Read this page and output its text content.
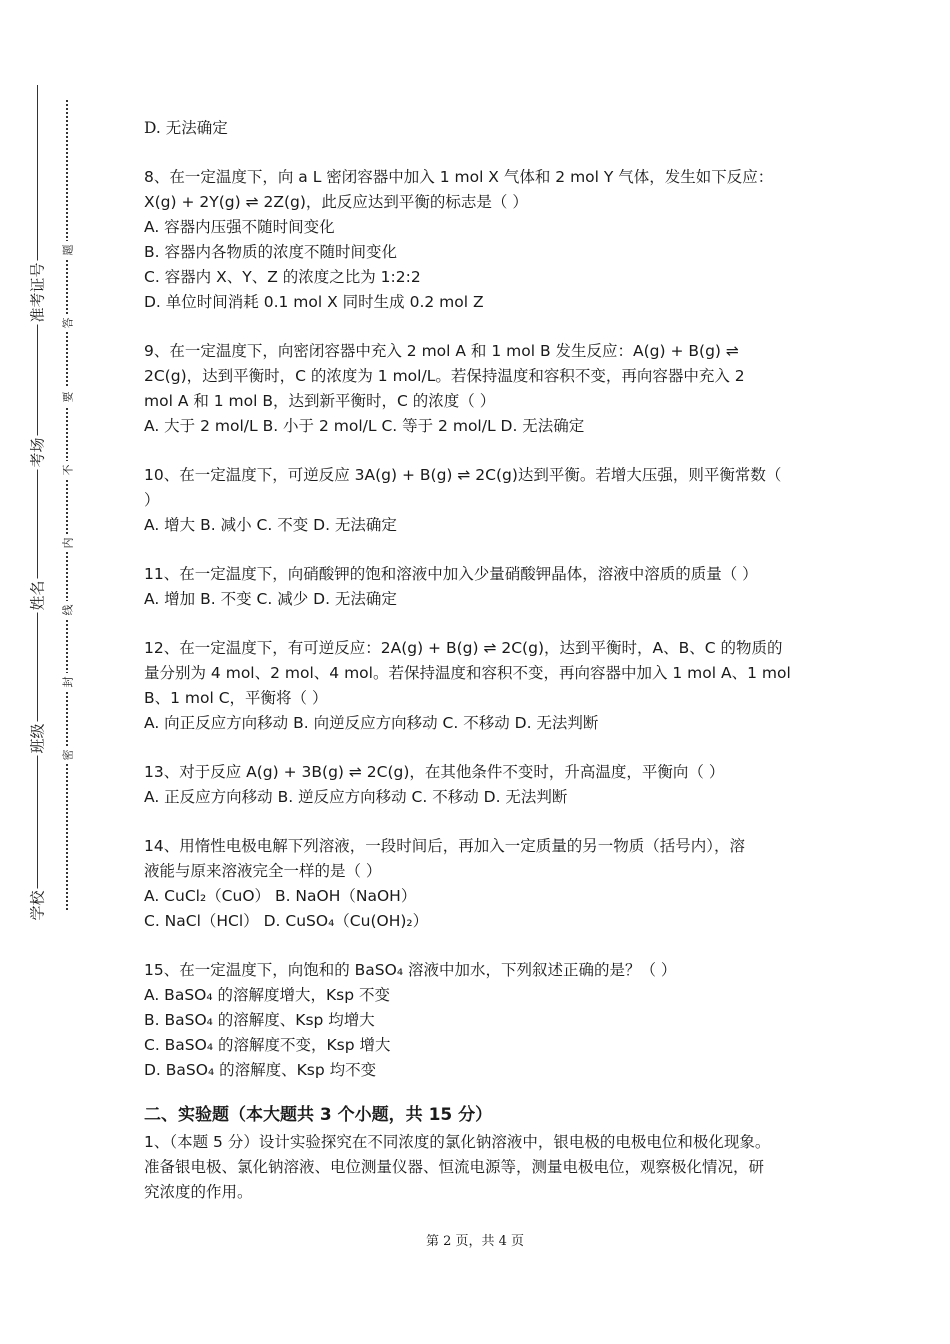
准考证号
考场
姓名
班级
学校
题
答
要
不
内
线
封
密

D. 无法确定

8、在一定温度下，向 a L 密闭容器中加入 1 mol X 气体和 2 mol Y 气体，发生如下反应：

X(g) + 2Y(g) ⇌ 2Z(g)，此反应达到平衡的标志是（ ）

A. 容器内压强不随时间变化

B. 容器内各物质的浓度不随时间变化

C. 容器内 X、Y、Z 的浓度之比为 1:2:2

D. 单位时间消耗 0.1 mol X 同时生成 0.2 mol Z

9、在一定温度下，向密闭容器中充入 2 mol A 和 1 mol B 发生反应：A(g) + B(g) ⇌

2C(g)，达到平衡时，C 的浓度为 1 mol/L。若保持温度和容积不变，再向容器中充入 2

mol A 和 1 mol B，达到新平衡时，C 的浓度（ ）

A. 大于 2 mol/L B. 小于 2 mol/L C. 等于 2 mol/L D. 无法确定

10、在一定温度下，可逆反应 3A(g) + B(g) ⇌ 2C(g)达到平衡。若增大压强，则平衡常数（

）

A. 增大 B. 减小 C. 不变 D. 无法确定

11、在一定温度下，向硝酸钾的饱和溶液中加入少量硝酸钾晶体，溶液中溶质的质量（ ）

A. 增加 B. 不变 C. 减少 D. 无法确定

12、在一定温度下，有可逆反应：2A(g) + B(g) ⇌ 2C(g)，达到平衡时，A、B、C 的物质的

量分别为 4 mol、2 mol、4 mol。若保持温度和容积不变，再向容器中加入 1 mol A、1 mol

B、1 mol C，平衡将（ ）

A. 向正反应方向移动 B. 向逆反应方向移动 C. 不移动 D. 无法判断

13、对于反应 A(g) + 3B(g) ⇌ 2C(g)，在其他条件不变时，升高温度，平衡向（ ）

A. 正反应方向移动 B. 逆反应方向移动 C. 不移动 D. 无法判断

14、用惰性电极电解下列溶液，一段时间后，再加入一定质量的另一物质（括号内），溶

液能与原来溶液完全一样的是（ ）

A. CuCl₂（CuO） B. NaOH（NaOH）

C. NaCl（HCl） D. CuSO₄（Cu(OH)₂）

15、在一定温度下，向饱和的 BaSO₄ 溶液中加水，下列叙述正确的是？（ ）

A. BaSO₄ 的溶解度增大，Ksp 不变

B. BaSO₄ 的溶解度、Ksp 均增大

C. BaSO₄ 的溶解度不变，Ksp 增大

D. BaSO₄ 的溶解度、Ksp 均不变

二、实验题（本大题共 3 个小题，共 15 分）

1、（本题 5 分）设计实验探究在不同浓度的氯化钠溶液中，银电极的电极电位和极化现象。

准备银电极、氯化钠溶液、电位测量仪器、恒流电源等，测量电极电位，观察极化情况，研

究浓度的作用。

第 2 页，共 4 页
